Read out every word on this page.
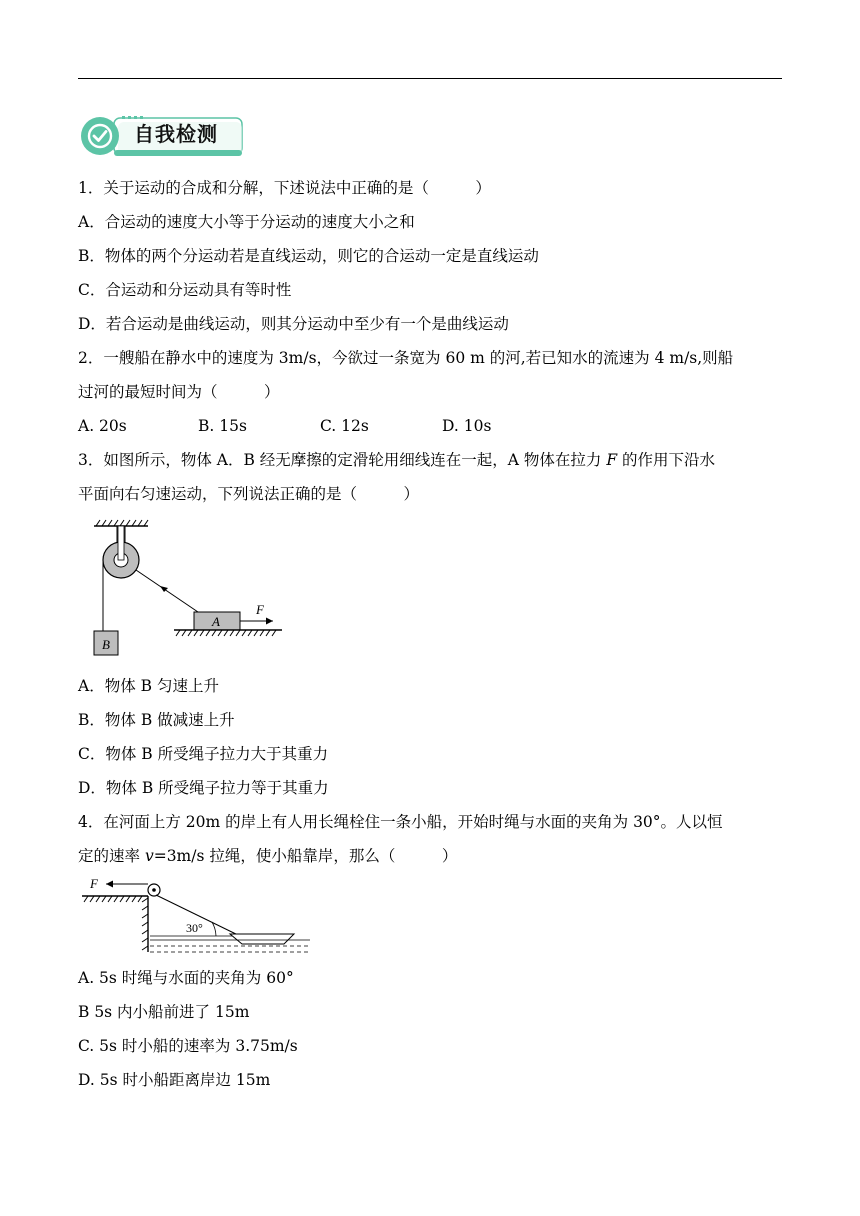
自我检测
1．关于运动的合成和分解，下述说法中正确的是（　　　）
A．合运动的速度大小等于分运动的速度大小之和
B．物体的两个分运动若是直线运动，则它的合运动一定是直线运动
C．合运动和分运动具有等时性
D．若合运动是曲线运动，则其分运动中至少有一个是曲线运动
2．一艘船在静水中的速度为 3m/s，今欲过一条宽为 60 m 的河,若已知水的流速为 4 m/s,则船
过河的最短时间为（　　　）
A. 20s	B. 15s	C. 12s	D. 10s
3．如图所示，物体 A．B 经无摩擦的定滑轮用细线连在一起，A 物体在拉力 F 的作用下沿水
平面向右匀速运动，下列说法正确的是（　　　）
B
A
F
A．物体 B 匀速上升
B．物体 B 做减速上升
C．物体 B 所受绳子拉力大于其重力
D．物体 B 所受绳子拉力等于其重力
4．在河面上方 20m 的岸上有人用长绳栓住一条小船，开始时绳与水面的夹角为 30°。人以恒
定的速率 v=3m/s 拉绳，使小船靠岸，那么（　　　）
F
30°
A. 5s 时绳与水面的夹角为 60°
B 5s 内小船前进了 15m
C. 5s 时小船的速率为 3.75m/s
D. 5s 时小船距离岸边 15m
